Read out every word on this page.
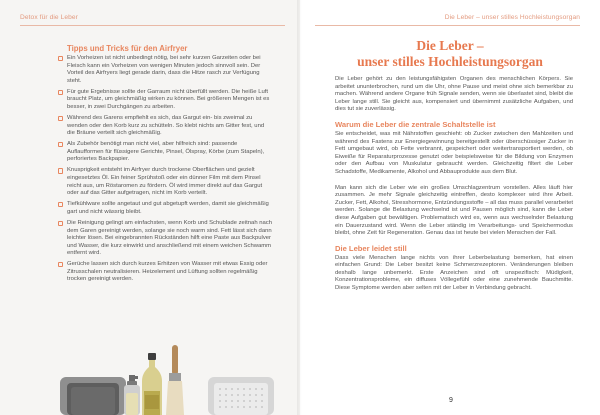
Detox für die Leber	Die Leber – unser stilles Hochleistungsorgan
Tipps und Tricks für den Airfryer
Ein Vorheizen ist nicht unbedingt nötig, bei sehr kurzen Garzeiten oder bei Fleisch kann ein Vorheizen von wenigen Minuten jedoch sinnvoll sein. Der Vorteil des Airfryers liegt gerade darin, dass die Hitze rasch zur Verfügung steht.
Für gute Ergebnisse sollte der Garraum nicht überfüllt werden. Die heiße Luft braucht Platz, um gleichmäßig wirken zu können. Bei größeren Mengen ist es besser, in zwei Durchgängen zu arbeiten.
Während des Garens empfiehlt es sich, das Gargut ein- bis zweimal zu wenden oder den Korb kurz zu schütteln. So klebt nichts am Gitter fest, und die Bräune verteilt sich gleichmäßig.
Als Zubehör benötigt man nicht viel, aber hilfreich sind: passende Auflaufformen für flüssigere Gerichte, Pinsel, Ölspray, Körbe (zum Stapeln), perforiertes Backpapier.
Knusprigkeit entsteht im Airfryer durch trockene Oberflächen und gezielt eingesetztes Öl. Ein feiner Sprühstoß oder ein dünner Film mit dem Pinsel reicht aus, um Röstaromen zu fördern. Öl wird immer direkt auf das Gargut oder auf das Gitter aufgetragen, nicht im Korb verteilt.
Tiefkühlware sollte angetaut und gut abgetupft werden, damit sie gleichmäßig gart und nicht wässrig bleibt.
Die Reinigung gelingt am einfachsten, wenn Korb und Schublade zeitnah nach dem Garen gereinigt werden, solange sie noch warm sind. Fett lässt sich dann leichter lösen. Bei eingebrannten Rückständen hilft eine Paste aus Backpulver und Wasser, die kurz einwirkt und anschließend mit einem weichen Schwamm entfernt wird.
Gerüche lassen sich durch kurzes Erhitzen von Wasser mit etwas Essig oder Zitrusschalen neutralisieren. Heizelement und Lüftung sollten regelmäßig trocken gereinigt werden.
Die Leber –
unser stilles Hochleistungsorgan

Die Leber gehört zu den leistungsfähigsten Organen des menschlichen Körpers. Sie arbeitet ununterbrochen, rund um die Uhr, ohne Pause und meist ohne sich bemerkbar zu machen. Während andere Organe früh Signale senden, wenn sie überlastet sind, bleibt die Leber lange still. Sie gleicht aus, kompensiert und übernimmt zusätzliche Aufgaben, und dies tut sie zuverlässig.

Warum die Leber die zentrale Schaltstelle ist

Sie entscheidet, was mit Nährstoffen geschieht: ob Zucker zwischen den Mahlzeiten und während des Fastens zur Energiegewinnung bereitgestellt oder überschüssiger Zucker in Fett umgebaut wird, ob Fette verbrannt, gespeichert oder weitertransportiert werden, ob Eiweiße für Reparaturprozesse genutzt oder beispielsweise für die Bildung von Enzymen oder den Aufbau von Muskulatur gebraucht werden. Gleichzeitig filtert die Leber Schadstoffe, Medikamente, Alkohol und Abbauprodukte aus dem Blut.

Man kann sich die Leber wie ein großes Umschlagzentrum vorstellen. Alles läuft hier zusammen. Je mehr Signale gleichzeitig eintreffen, desto komplexer wird ihre Arbeit. Zucker, Fett, Alkohol, Stresshormone, Entzündungsstoffe – all das muss parallel verarbeitet werden. Solange die Belastung wechselnd ist und Pausen möglich sind, kann die Leber diese Aufgaben gut bewältigen. Problematisch wird es, wenn aus wechselnder Belastung ein Dauerzustand wird. Wenn die Leber ständig im Verarbeitungs- und Speichermodus bleibt, ohne Zeit für Regeneration. Genau das ist heute bei vielen Menschen der Fall.

Die Leber leidet still

Dass viele Menschen lange nichts von ihrer Leberbelastung bemerken, hat einen einfachen Grund: Die Leber besitzt keine Schmerzrezeptoren. Veränderungen bleiben deshalb lange unbemerkt. Erste Anzeichen sind oft unspezifisch: Müdigkeit, Konzentrationsprobleme, ein diffuses Völlegefühl oder eine zunehmende Bauchmitte. Diese Symptome werden aber selten mit der Leber in Verbindung gebracht.

9
